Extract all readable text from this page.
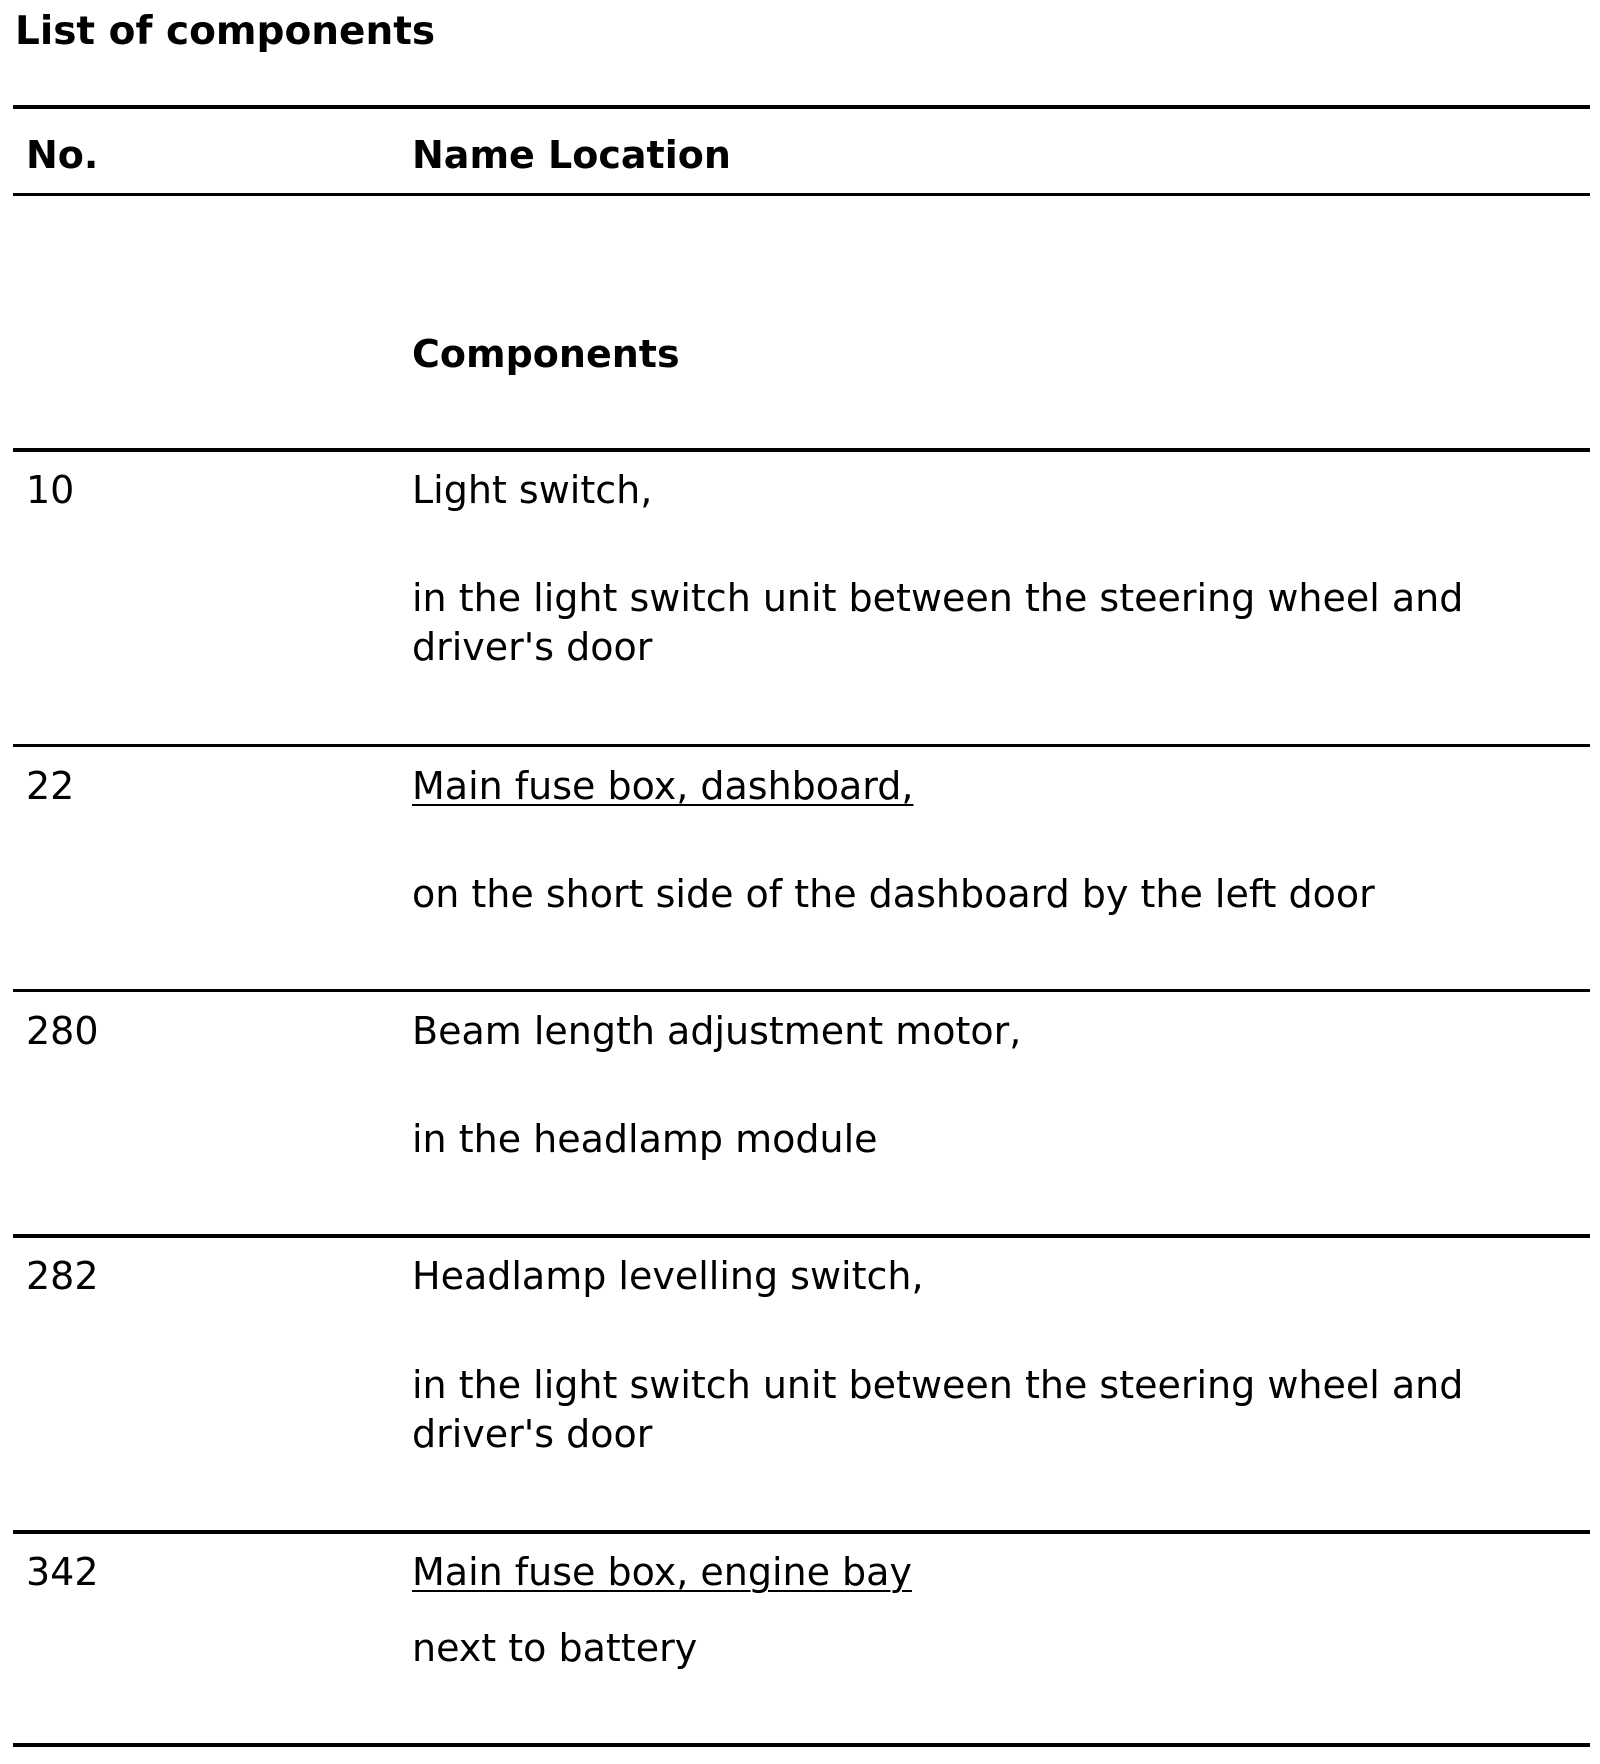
List of components
No.	Name Location
Components
10	Light switch,
in the light switch unit between the steering wheel and
driver's door
22	Main fuse box, dashboard,
on the short side of the dashboard by the left door
280	Beam length adjustment motor,
in the headlamp module
282	Headlamp levelling switch,
in the light switch unit between the steering wheel and
driver's door
342	Main fuse box, engine bay
next to battery
